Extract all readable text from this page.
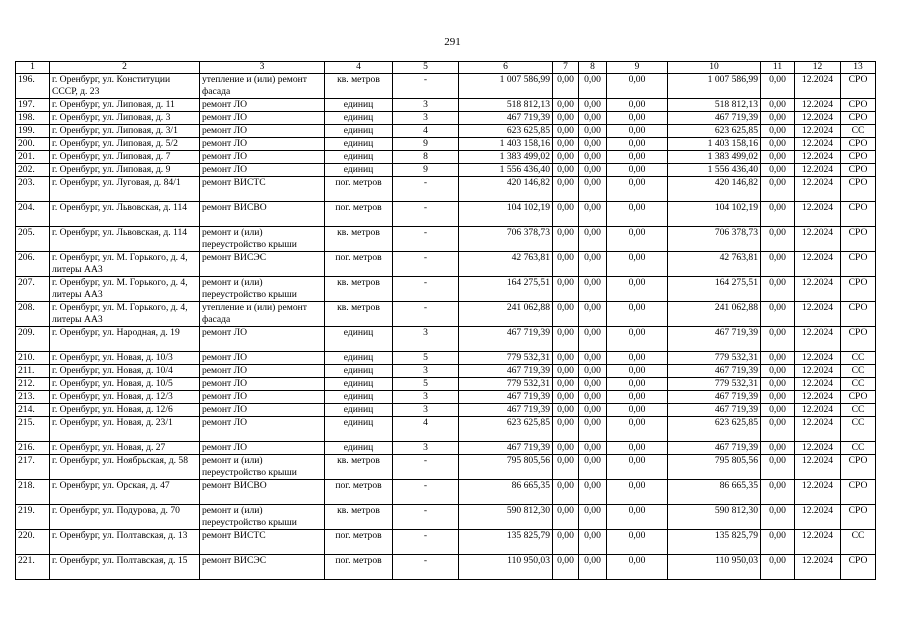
291
1	2	3	4	5	6	7	8	9	10	11	12	13
196.	г. Оренбург, ул. Конституции СССР, д. 23	утепление и (или) ремонт фасада	кв. метров	-	1 007 586,99	0,00	0,00	0,00	1 007 586,99	0,00	12.2024	СРО
197.	г. Оренбург, ул. Липовая, д. 11	ремонт ЛО	единиц	3	518 812,13	0,00	0,00	0,00	518 812,13	0,00	12.2024	СРО
198.	г. Оренбург, ул. Липовая, д. 3	ремонт ЛО	единиц	3	467 719,39	0,00	0,00	0,00	467 719,39	0,00	12.2024	СРО
199.	г. Оренбург, ул. Липовая, д. 3/1	ремонт ЛО	единиц	4	623 625,85	0,00	0,00	0,00	623 625,85	0,00	12.2024	СС
200.	г. Оренбург, ул. Липовая, д. 5/2	ремонт ЛО	единиц	9	1 403 158,16	0,00	0,00	0,00	1 403 158,16	0,00	12.2024	СРО
201.	г. Оренбург, ул. Липовая, д. 7	ремонт ЛО	единиц	8	1 383 499,02	0,00	0,00	0,00	1 383 499,02	0,00	12.2024	СРО
202.	г. Оренбург, ул. Липовая, д. 9	ремонт ЛО	единиц	9	1 556 436,40	0,00	0,00	0,00	1 556 436,40	0,00	12.2024	СРО
203.	г. Оренбург, ул. Луговая, д. 84/1	ремонт ВИСТС	пог. метров	-	420 146,82	0,00	0,00	0,00	420 146,82	0,00	12.2024	СРО
204.	г. Оренбург, ул. Львовская, д. 114	ремонт ВИСВО	пог. метров	-	104 102,19	0,00	0,00	0,00	104 102,19	0,00	12.2024	СРО
205.	г. Оренбург, ул. Львовская, д. 114	ремонт и (или) переустройство крыши	кв. метров	-	706 378,73	0,00	0,00	0,00	706 378,73	0,00	12.2024	СРО
206.	г. Оренбург, ул. М. Горького, д. 4, литеры АА3	ремонт ВИСЭС	пог. метров	-	42 763,81	0,00	0,00	0,00	42 763,81	0,00	12.2024	СРО
207.	г. Оренбург, ул. М. Горького, д. 4, литеры АА3	ремонт и (или) переустройство крыши	кв. метров	-	164 275,51	0,00	0,00	0,00	164 275,51	0,00	12.2024	СРО
208.	г. Оренбург, ул. М. Горького, д. 4, литеры АА3	утепление и (или) ремонт фасада	кв. метров	-	241 062,88	0,00	0,00	0,00	241 062,88	0,00	12.2024	СРО
209.	г. Оренбург, ул. Народная, д. 19	ремонт ЛО	единиц	3	467 719,39	0,00	0,00	0,00	467 719,39	0,00	12.2024	СРО
210.	г. Оренбург, ул. Новая, д. 10/3	ремонт ЛО	единиц	5	779 532,31	0,00	0,00	0,00	779 532,31	0,00	12.2024	СС
211.	г. Оренбург, ул. Новая, д. 10/4	ремонт ЛО	единиц	3	467 719,39	0,00	0,00	0,00	467 719,39	0,00	12.2024	СС
212.	г. Оренбург, ул. Новая, д. 10/5	ремонт ЛО	единиц	5	779 532,31	0,00	0,00	0,00	779 532,31	0,00	12.2024	СС
213.	г. Оренбург, ул. Новая, д. 12/3	ремонт ЛО	единиц	3	467 719,39	0,00	0,00	0,00	467 719,39	0,00	12.2024	СРО
214.	г. Оренбург, ул. Новая, д. 12/6	ремонт ЛО	единиц	3	467 719,39	0,00	0,00	0,00	467 719,39	0,00	12.2024	СС
215.	г. Оренбург, ул. Новая, д. 23/1	ремонт ЛО	единиц	4	623 625,85	0,00	0,00	0,00	623 625,85	0,00	12.2024	СС
216.	г. Оренбург, ул. Новая, д. 27	ремонт ЛО	единиц	3	467 719,39	0,00	0,00	0,00	467 719,39	0,00	12.2024	СС
217.	г. Оренбург, ул. Ноябрьская, д. 58	ремонт и (или) переустройство крыши	кв. метров	-	795 805,56	0,00	0,00	0,00	795 805,56	0,00	12.2024	СРО
218.	г. Оренбург, ул. Орская, д. 47	ремонт ВИСВО	пог. метров	-	86 665,35	0,00	0,00	0,00	86 665,35	0,00	12.2024	СРО
219.	г. Оренбург, ул. Подурова, д. 70	ремонт и (или) переустройство крыши	кв. метров	-	590 812,30	0,00	0,00	0,00	590 812,30	0,00	12.2024	СРО
220.	г. Оренбург, ул. Полтавская, д. 13	ремонт ВИСТС	пог. метров	-	135 825,79	0,00	0,00	0,00	135 825,79	0,00	12.2024	СС
221.	г. Оренбург, ул. Полтавская, д. 15	ремонт ВИСЭС	пог. метров	-	110 950,03	0,00	0,00	0,00	110 950,03	0,00	12.2024	СРО
